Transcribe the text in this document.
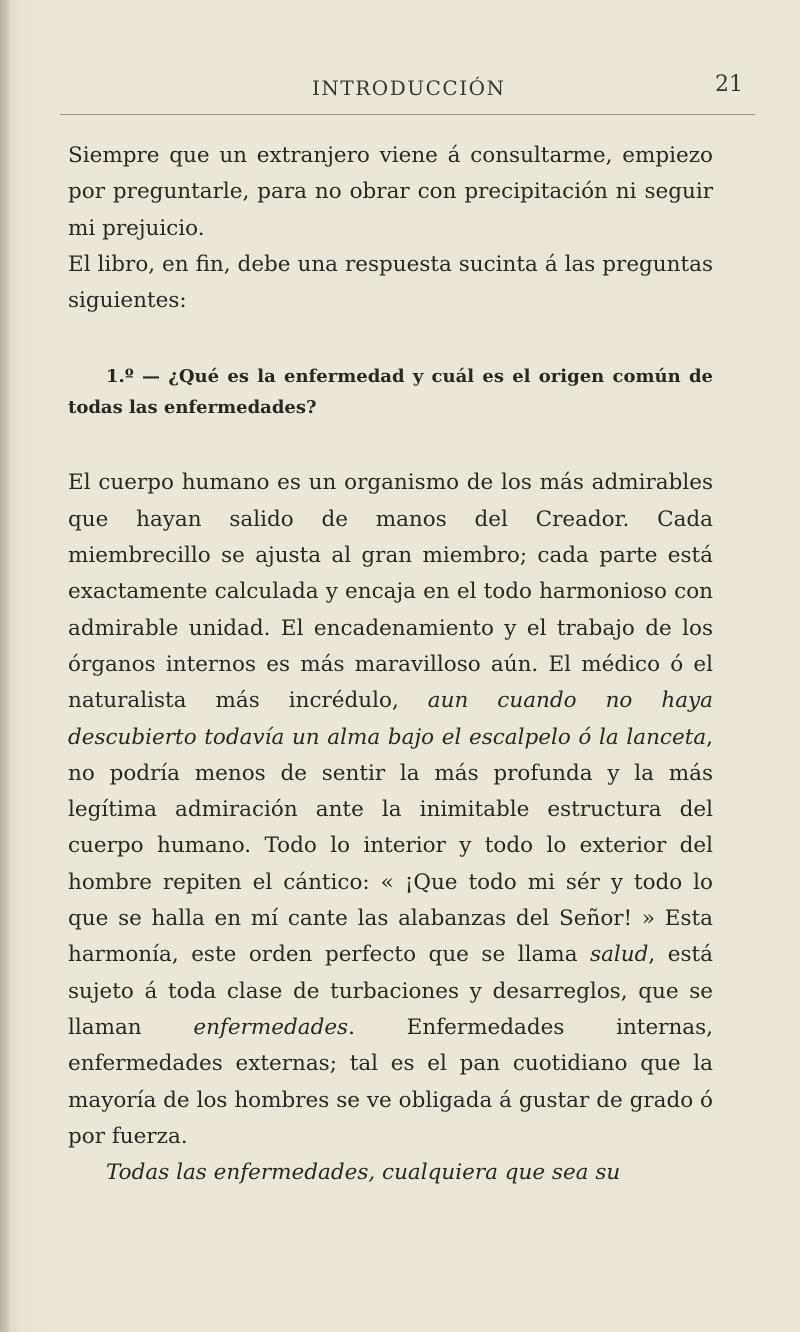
INTRODUCCIÓN	21

Siempre que un extranjero viene á consultarme, empiezo por preguntarle, para no obrar con precipitación ni seguir mi prejuicio.

El libro, en fin, debe una respuesta sucinta á las preguntas siguientes:

1.º — ¿Qué es la enfermedad y cuál es el origen común de todas las enfermedades?

El cuerpo humano es un organismo de los más admirables que hayan salido de manos del Creador. Cada miembrecillo se ajusta al gran miembro; cada parte está exactamente calculada y encaja en el todo harmonioso con admirable unidad. El encadenamiento y el trabajo de los órganos internos es más maravilloso aún. El médico ó el naturalista más incrédulo, aun cuando no haya descubierto todavía un alma bajo el escalpelo ó la lanceta, no podría menos de sentir la más profunda y la más legítima admiración ante la inimitable estructura del cuerpo humano. Todo lo interior y todo lo exterior del hombre repiten el cántico: « ¡Que todo mi sér y todo lo que se halla en mí cante las alabanzas del Señor! » Esta harmonía, este orden perfecto que se llama salud, está sujeto á toda clase de turbaciones y desarreglos, que se llaman enfermedades. Enfermedades internas, enfermedades externas; tal es el pan cuotidiano que la mayoría de los hombres se ve obligada á gustar de grado ó por fuerza.

Todas las enfermedades, cualquiera que sea su
